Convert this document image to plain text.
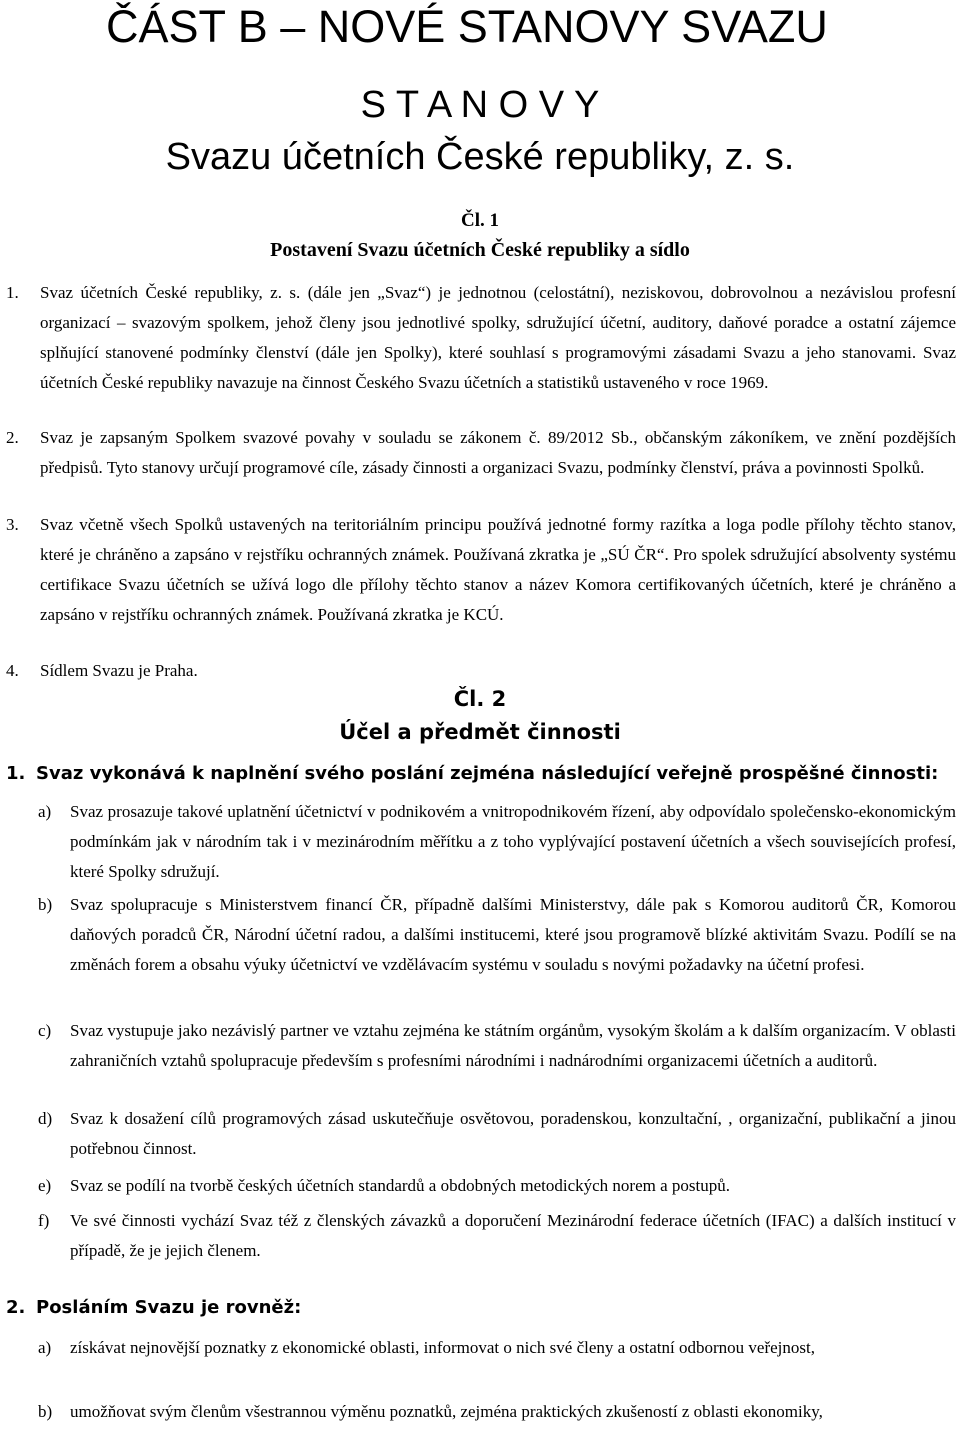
ČÁST B – NOVÉ STANOVY SVAZU
S T A N O V Y
Svazu účetních České republiky, z. s.
Čl. 1
Postavení Svazu účetních České republiky a sídlo
1. Svaz účetních České republiky, z. s. (dále jen „Svaz“) je jednotnou (celostátní), neziskovou, dobrovolnou a nezávislou profesní organizací – svazovým spolkem, jehož členy jsou jednotlivé spolky, sdružující účetní, auditory, daňové poradce a ostatní zájemce splňující stanovené podmínky členství (dále jen Spolky), které souhlasí s programovými zásadami Svazu a jeho stanovami. Svaz účetních České republiky navazuje na činnost Českého Svazu účetních a statistiků ustaveného v roce 1969.

2. Svaz je zapsaným Spolkem svazové povahy v souladu se zákonem č. 89/2012 Sb., občanským zákoníkem, ve znění pozdějších předpisů. Tyto stanovy určují programové cíle, zásady činnosti a organizaci Svazu, podmínky členství, práva a povinnosti Spolků.

3. Svaz včetně všech Spolků ustavených na teritoriálním principu používá jednotné formy razítka a loga podle přílohy těchto stanov, které je chráněno a zapsáno v rejstříku ochranných známek. Používaná zkratka je „SÚ ČR“. Pro spolek sdružující absolventy systému certifikace Svazu účetních se užívá logo dle přílohy těchto stanov a název Komora certifikovaných účetních, které je chráněno a zapsáno v rejstříku ochranných známek. Používaná zkratka je KCÚ.

4. Sídlem Svazu je Praha.

Čl. 2
Účel a předmět činnosti
1. Svaz vykonává k naplnění svého poslání zejména následující veřejně prospěšné činnosti:
a) Svaz prosazuje takové uplatnění účetnictví v podnikovém a vnitropodnikovém řízení, aby odpovídalo společensko-ekonomickým podmínkám jak v národním tak i v mezinárodním měřítku a z toho vyplývající postavení účetních a všech souvisejících profesí, které Spolky sdružují.

b) Svaz spolupracuje s Ministerstvem financí ČR, případně dalšími Ministerstvy, dále pak s Komorou auditorů ČR, Komorou daňových poradců ČR, Národní účetní radou, a dalšími institucemi, které jsou programově blízké aktivitám Svazu. Podílí se na změnách forem a obsahu výuky účetnictví ve vzdělávacím systému v souladu s novými požadavky na účetní profesi.

c) Svaz vystupuje jako nezávislý partner ve vztahu zejména ke státním orgánům, vysokým školám a k dalším organizacím. V oblasti zahraničních vztahů spolupracuje především s profesními národními i nadnárodními organizacemi účetních a auditorů.

d) Svaz k dosažení cílů programových zásad uskutečňuje osvětovou, poradenskou, konzultační, , organizační, publikační a jinou potřebnou činnost.

e) Svaz se podílí na tvorbě českých účetních standardů a obdobných metodických norem a postupů.

f) Ve své činnosti vychází Svaz též z členských závazků a doporučení Mezinárodní federace účetních (IFAC) a dalších institucí v případě, že je jejich členem.

2. Posláním Svazu je rovněž:
a) získávat nejnovější poznatky z ekonomické oblasti, informovat o nich své členy a ostatní odbornou veřejnost,

b) umožňovat svým členům všestrannou výměnu poznatků, zejména praktických zkušeností z oblasti ekonomiky,
